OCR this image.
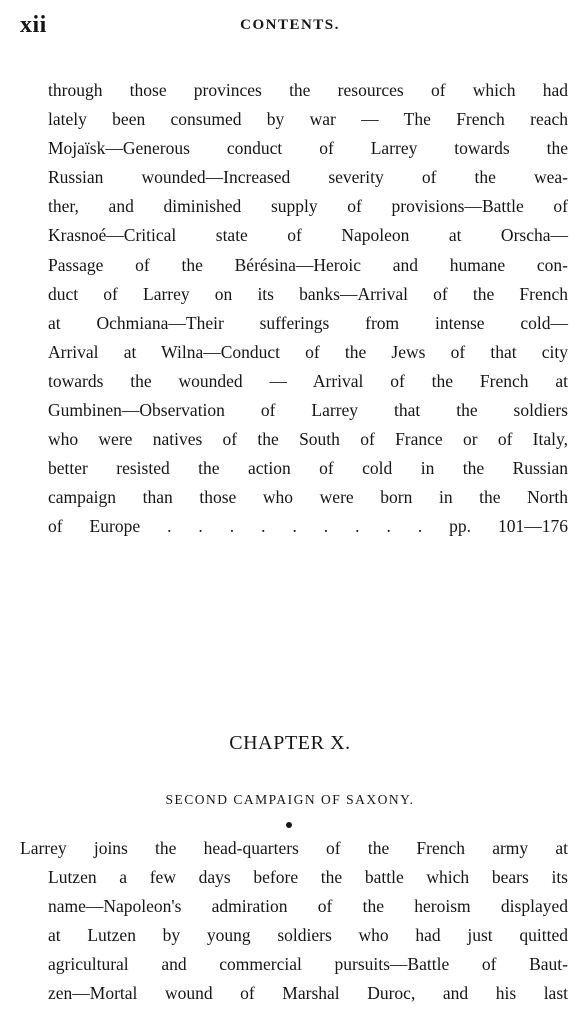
xii	CONTENTS.
through those provinces the resources of which had
lately been consumed by war — The French reach
Mojaïsk—Generous conduct of Larrey towards the
Russian wounded—Increased severity of the wea-
ther, and diminished supply of provisions—Battle of
Krasnoé—Critical state of Napoleon at Orscha—
Passage of the Bérésina—Heroic and humane con-
duct of Larrey on its banks—Arrival of the French
at Ochmiana—Their sufferings from intense cold—
Arrival at Wilna—Conduct of the Jews of that city
towards the wounded — Arrival of the French at
Gumbinen—Observation of Larrey that the soldiers
who were natives of the South of France or of Italy,
better resisted the action of cold in the Russian
campaign than those who were born in the North
of Europe . . . . . . . . . pp. 101—176
CHAPTER X.
SECOND CAMPAIGN OF SAXONY.
Larrey joins the head-quarters of the French army at
Lutzen a few days before the battle which bears its
name—Napoleon's admiration of the heroism displayed
at Lutzen by young soldiers who had just quitted
agricultural and commercial pursuits—Battle of Baut-
zen—Mortal wound of Marshal Duroc, and his last
